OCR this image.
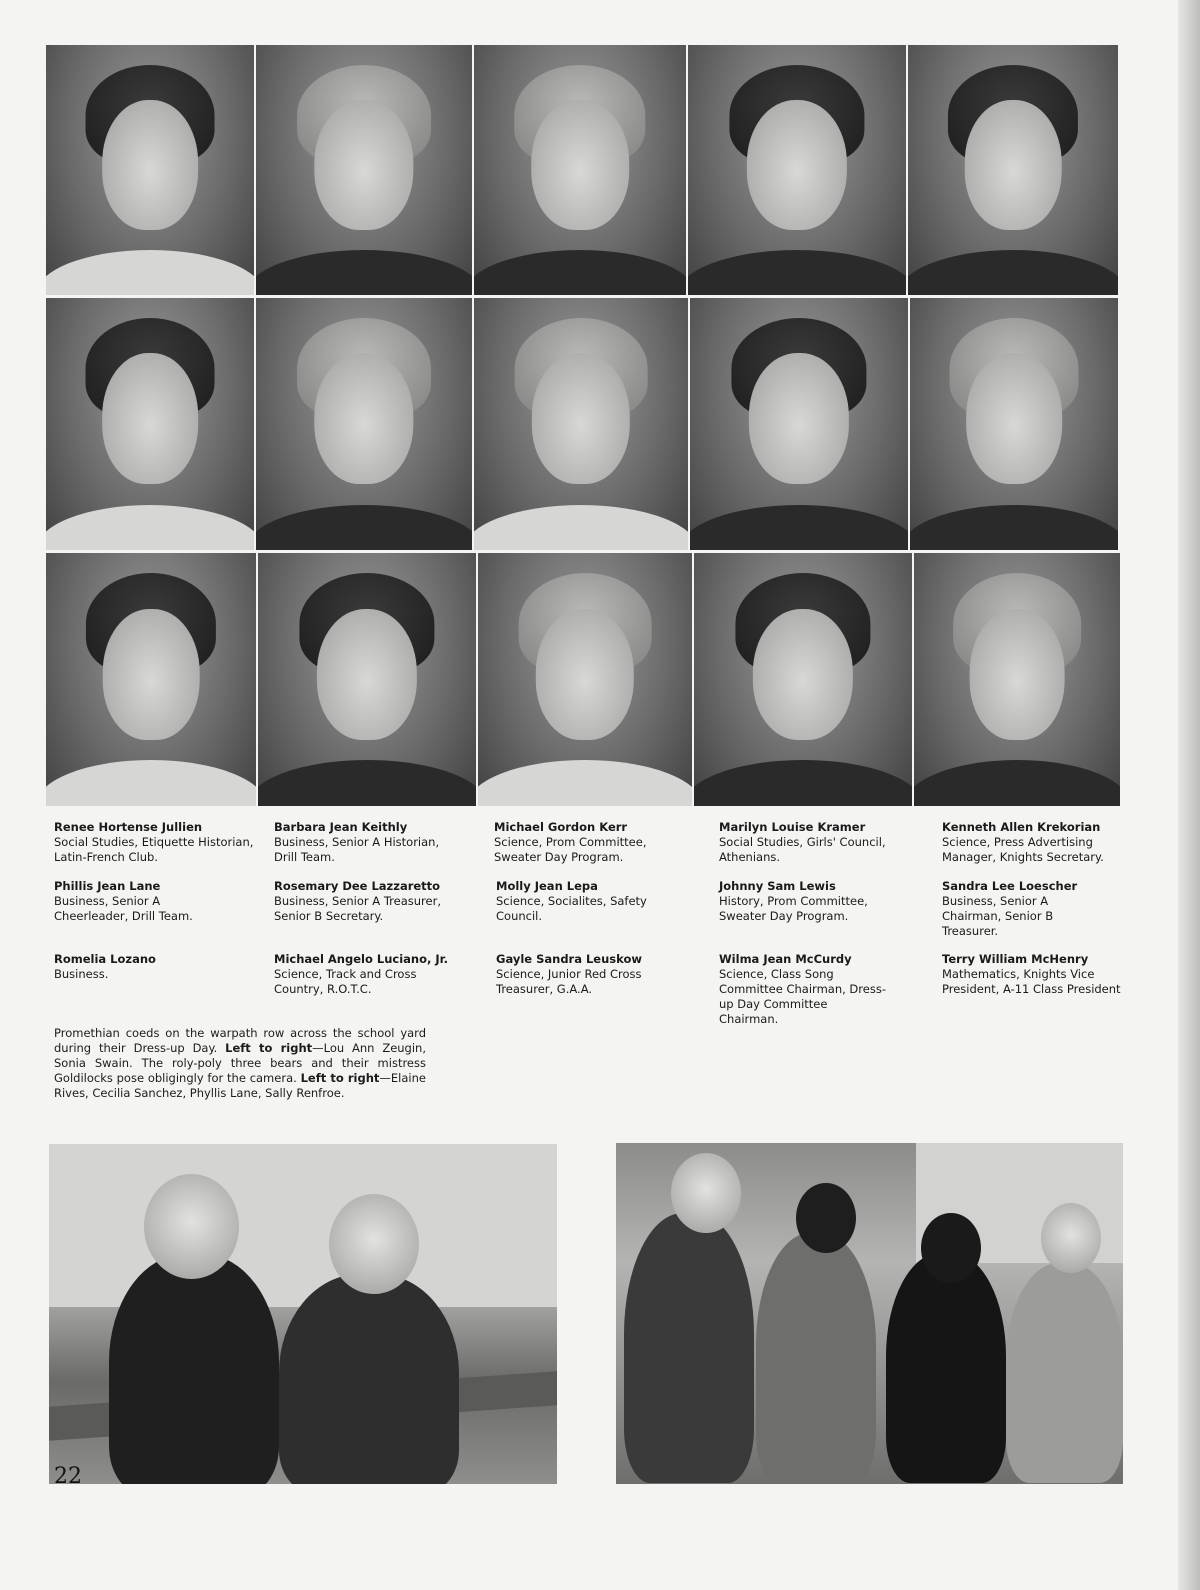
Renee Hortense Jullien
Social Studies, Etiquette Historian, Latin-French Club.
Barbara Jean Keithly
Business, Senior A Historian, Drill Team.
Michael Gordon Kerr
Science, Prom Committee, Sweater Day Program.
Marilyn Louise Kramer
Social Studies, Girls' Council, Athenians.
Kenneth Allen Krekorian
Science, Press Advertising Manager, Knights Secretary.
Phillis Jean Lane
Business, Senior A Cheerleader, Drill Team.
Rosemary Dee Lazzaretto
Business, Senior A Treasurer, Senior B Secretary.
Molly Jean Lepa
Science, Socialites, Safety Council.
Johnny Sam Lewis
History, Prom Committee, Sweater Day Program.
Sandra Lee Loescher
Business, Senior A Chairman, Senior B Treasurer.
Romelia Lozano
Business.
Michael Angelo Luciano, Jr.
Science, Track and Cross Country, R.O.T.C.
Gayle Sandra Leuskow
Science, Junior Red Cross Treasurer, G.A.A.
Wilma Jean McCurdy
Science, Class Song Committee Chairman, Dress-up Day Committee Chairman.
Terry William McHenry
Mathematics, Knights Vice President, A-11 Class President
Promethian coeds on the warpath row across the school yard during their Dress-up Day. Left to right—Lou Ann Zeugin, Sonia Swain. The roly-poly three bears and their mistress Goldilocks pose obligingly for the camera. Left to right—Elaine Rives, Cecilia Sanchez, Phyllis Lane, Sally Renfroe.
22
